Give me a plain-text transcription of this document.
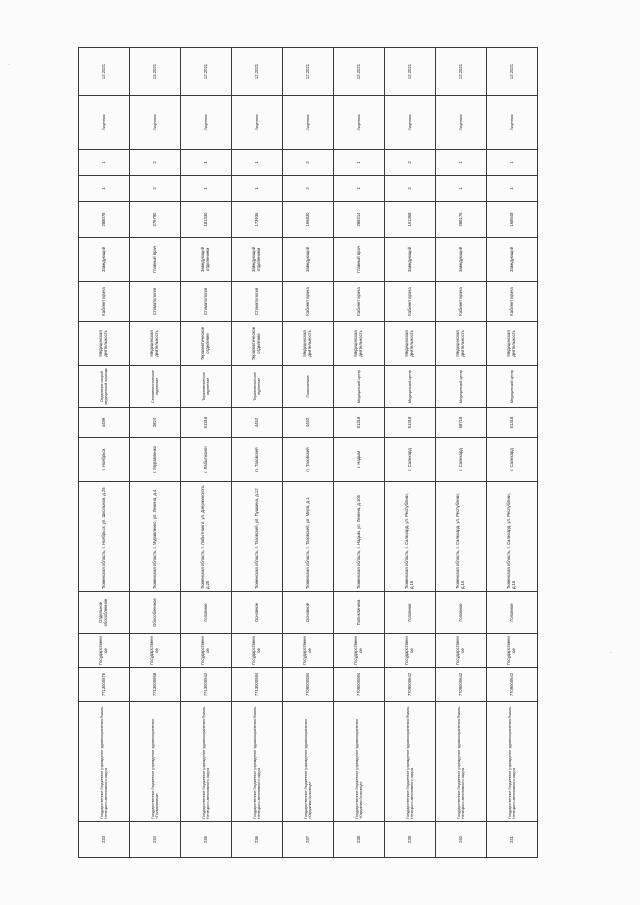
·
·
233	Государственное бюджетное учреждение здравоохранения Ямало-Ненецкого автономного округа	7713000576	Государственное	Отдельное обособленное	Тюменская область, г. Ноябрьск, ул. Школьная, д.25	г. Ноябрьск	4489	Отделение скорой медицинской помощи	Медицинская деятельность	Кабинет врача	Заведующий	288078	1	1	Лицензия	12.2021
234	Государственное бюджетное учреждение здравоохранения «Поликлиника»	7713000568	Государственное	Обособленное	Тюменская область, г. Муравленко, ул. Ленина, д.4	г. Муравленко	2824	Стоматологическое отделение	Медицинская деятельность	Стоматология	Главный врач	279790	2	2	Лицензия	12.2021
235	Государственное бюджетное учреждение здравоохранения Ямало-Ненецкого автономного округа	7713000542	Государственное	Головное	Тюменская область, г. Лабытнанги, ул. Дзержинского, д.25	г. Лабытнанги	51318	Терапевтическое отделение	Терапевтическое отделение	Стоматология	Заведующий отделением	181330	1	1	Лицензия	12.2021
236	Государственное бюджетное учреждение здравоохранения Ямало-Ненецкого автономного округа	7713000584	Государственное	Основное	Тюменская область, г. Тазовский, ул. Пушкина, д.12	п. Тазовский	4452	Терапевтическое отделение	Терапевтическое отделение	Стоматология	Заведующий отделением	173936	1	1	Лицензия	12.2021
237	Государственное бюджетное учреждение здравоохранения «Окружная больница»	7709000084	Государственное	Основное	Тюменская область, г. Тазовский, ул. Мира, д.1	п. Тазовский	4452	Поликлиника	Медицинская деятельность	Кабинет врача	Заведующий	166830	2	2	Лицензия	12.2021
238	Государственное бюджетное учреждение здравоохранения «Окружная больница»	7709000084	Государственное	Поликлиника	Тюменская область, г. Надым, ул. Ленина, д.105	г. Надым	51318	Медицинский центр	Медицинская деятельность	Кабинет врача	Главный врач	288214	1	1	Лицензия	12.2021
239	Государственное бюджетное учреждение здравоохранения Ямало-Ненецкого автономного округа	7709000642	Государственное	Головное	Тюменская область, г. Салехард, ул. Республики, д.16	г. Салехард	51318	Медицинский центр	Медицинская деятельность	Кабинет врача	Заведующий	151368	2	2	Лицензия	12.2021
240	Государственное бюджетное учреждение здравоохранения Ямало-Ненецкого автономного округа	7709000642	Государственное	Головное	Тюменская область, г. Салехард, ул. Республики, д.16	г. Салехард	58718	Медицинский центр	Медицинская деятельность	Кабинет врача	Заведующий	288176	1	1	Лицензия	12.2021
241	Государственное бюджетное учреждение здравоохранения Ямало-Ненецкого автономного округа	7709000642	Государственное	Головное	Тюменская область, г. Салехард, ул. Республики, д.16	г. Салехард	51318	Медицинский центр	Медицинская деятельность	Кабинет врача	Заведующий	168648	1	1	Лицензия	12.2021
